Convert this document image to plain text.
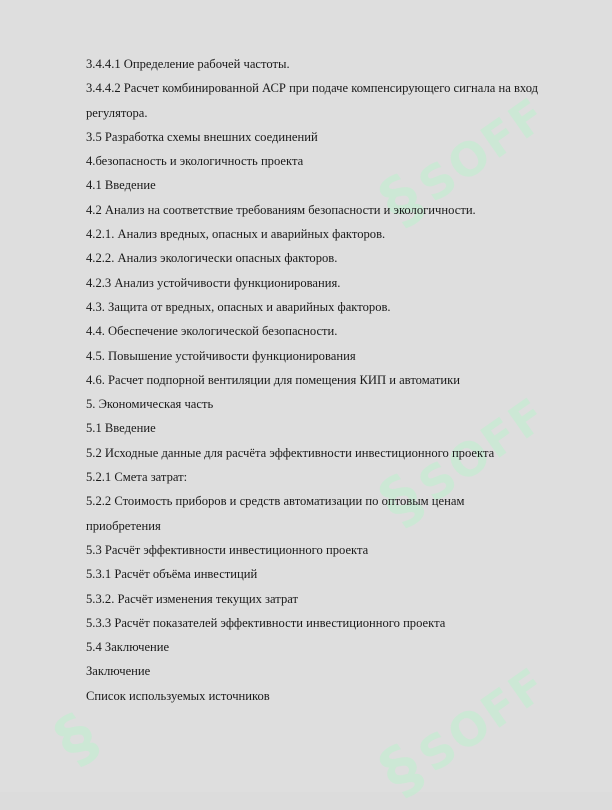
§SOFF
§SOFF
§SOFF
§
3.4.4.1 Определение рабочей частоты.
3.4.4.2 Расчет комбинированной АСР при подаче компенсирующего сигнала на вход регулятора.
3.5 Разработка схемы внешних соединений
4.безопасность и экологичность проекта
4.1 Введение
4.2 Анализ на соответствие требованиям безопасности и экологичности.
4.2.1. Анализ вредных, опасных и аварийных факторов.
4.2.2. Анализ экологически опасных факторов.
4.2.3 Анализ устойчивости функционирования.
4.3. Защита от вредных, опасных и аварийных факторов.
4.4. Обеспечение экологической безопасности.
4.5. Повышение устойчивости функционирования
4.6. Расчет подпорной вентиляции для помещения КИП и автоматики
5. Экономическая часть
5.1 Введение
5.2 Исходные данные для расчёта эффективности инвестиционного проекта
5.2.1 Смета затрат:
5.2.2 Стоимость приборов и средств автоматизации по оптовым ценам приобретения
5.3 Расчёт эффективности инвестиционного проекта
5.3.1 Расчёт объёма инвестиций
5.3.2. Расчёт изменения текущих затрат
5.3.3 Расчёт показателей эффективности инвестиционного проекта
5.4 Заключение
Заключение
Список используемых источников
